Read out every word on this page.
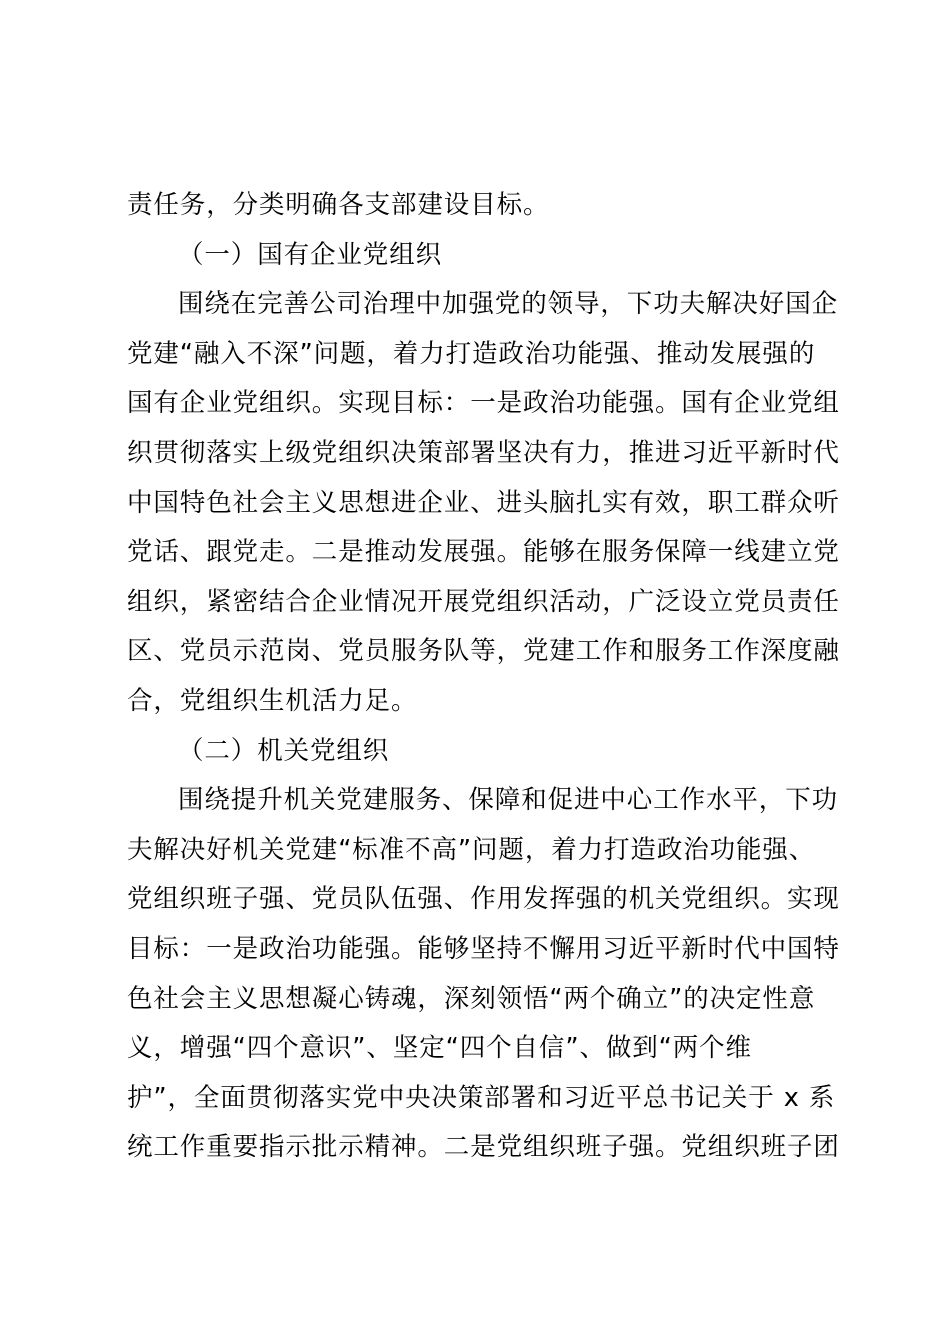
责任务，分类明确各支部建设目标。
（一）国有企业党组织
围绕在完善公司治理中加强党的领导，下功夫解决好国企
党建“融入不深”问题，着力打造政治功能强、推动发展强的
国有企业党组织。实现目标：一是政治功能强。国有企业党组
织贯彻落实上级党组织决策部署坚决有力，推进习近平新时代
中国特色社会主义思想进企业、进头脑扎实有效，职工群众听
党话、跟党走。二是推动发展强。能够在服务保障一线建立党
组织，紧密结合企业情况开展党组织活动，广泛设立党员责任
区、党员示范岗、党员服务队等，党建工作和服务工作深度融
合，党组织生机活力足。
（二）机关党组织
围绕提升机关党建服务、保障和促进中心工作水平，下功
夫解决好机关党建“标准不高”问题，着力打造政治功能强、
党组织班子强、党员队伍强、作用发挥强的机关党组织。实现
目标：一是政治功能强。能够坚持不懈用习近平新时代中国特
色社会主义思想凝心铸魂，深刻领悟“两个确立”的决定性意
义，增强“四个意识”、坚定“四个自信”、做到“两个维
护”，全面贯彻落实党中央决策部署和习近平总书记关于 x 系
统工作重要指示批示精神。二是党组织班子强。党组织班子团
